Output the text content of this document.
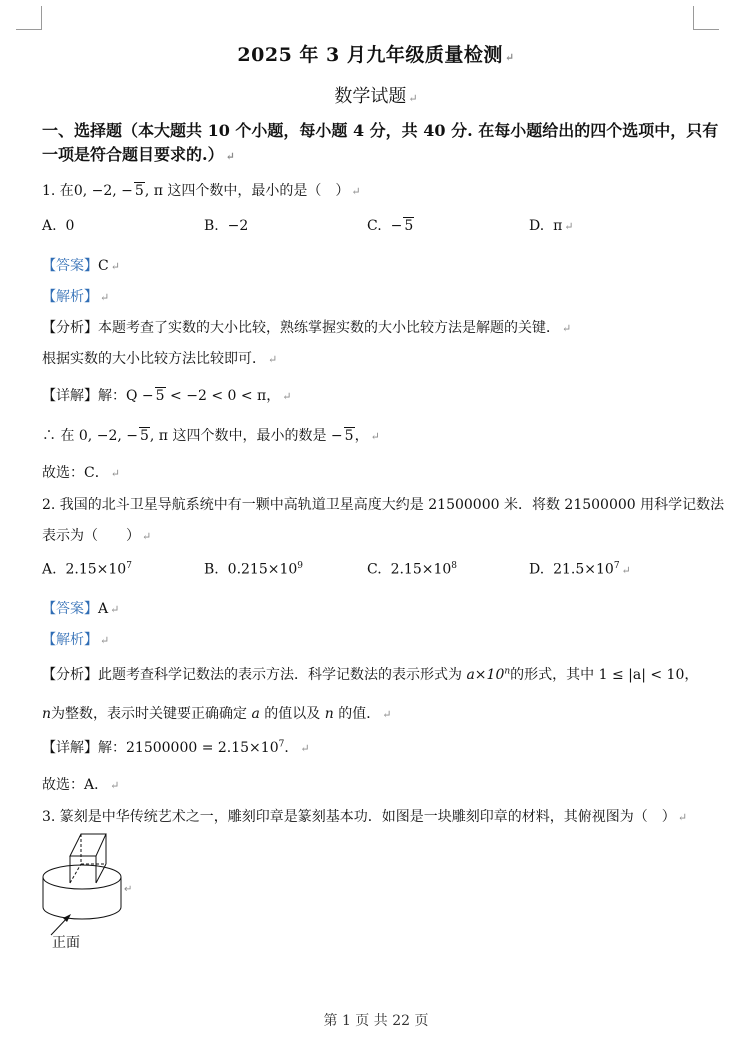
2025 年 3 月九年级质量检测 ↵
数学试题 ↵
一、选择题（本大题共 10 个小题，每小题 4 分，共 40 分. 在每小题给出的四个选项中，只有
一项是符合题目要求的.） ↵
1. 在0, −2, − 5, π 这四个数中，最小的是（　） ↵
A. 0	B. −2	C. − 5	D. π ↵
【答案】C ↵
【解析】 ↵
【分析】本题考查了实数的大小比较，熟练掌握实数的大小比较方法是解题的关键． ↵
根据实数的大小比较方法比较即可． ↵
【详解】解：Q − 5 < −2 < 0 < π， ↵
∴ 在 0, −2, − 5, π 这四个数中，最小的数是 − 5， ↵
故选：C． ↵
2. 我国的北斗卫星导航系统中有一颗中高轨道卫星高度大约是 21500000 米．将数 21500000 用科学记数法
表示为（　　） ↵
A. $2.15\times 10^7$	B. $0.215\times 10^9$	C. $2.15\times 10^8$	D. $21.5\times 10^7$ ↵
【答案】A ↵
【解析】 ↵
【分析】此题考查科学记数法的表示方法．科学记数法的表示形式为 $a\times 10^n$的形式，其中 1 ≤ |a| < 10，
n为整数，表示时关键要正确确定 a 的值以及 n 的值． ↵
【详解】解：$21500000 = 2.15\times 10^7$． ↵
故选：A． ↵
3. 篆刻是中华传统艺术之一，雕刻印章是篆刻基本功．如图是一块雕刻印章的材料，其俯视图为（　） ↵
↵
正面
第 1 页 共 22 页
